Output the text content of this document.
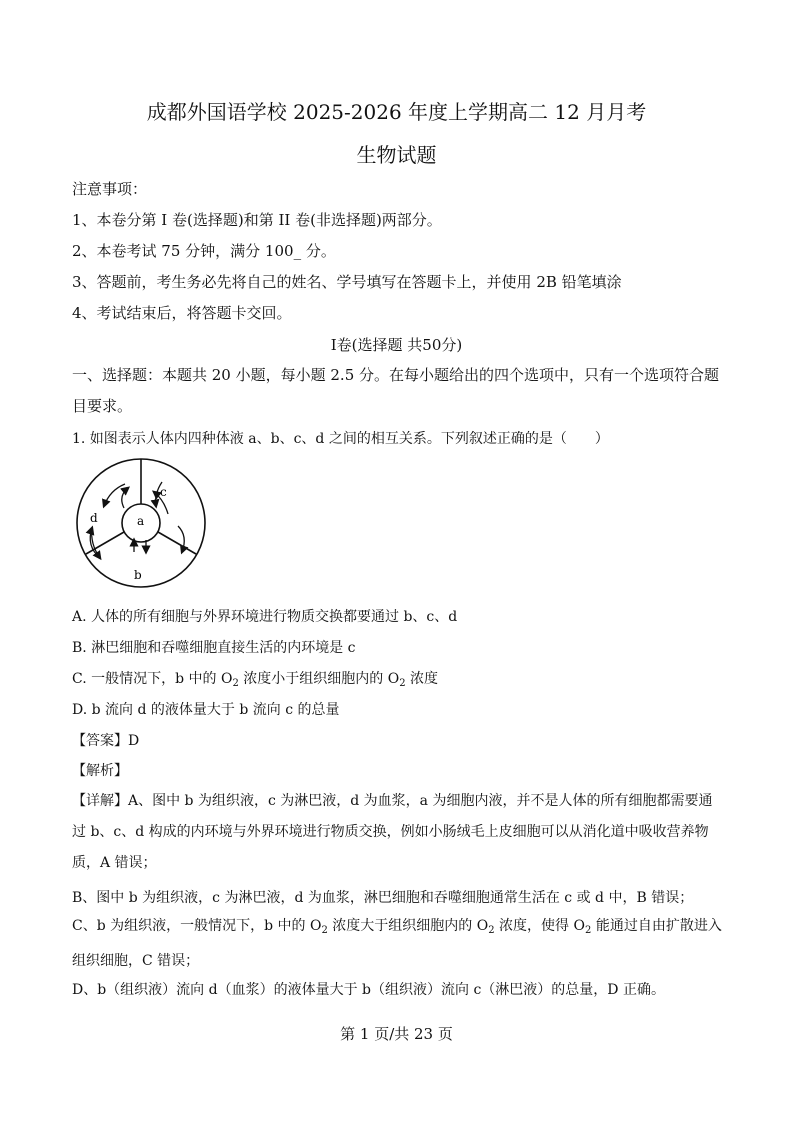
成都外国语学校 2025-2026 年度上学期高二 12 月月考
生物试题
注意事项：
1、本卷分第 I 卷(选择题)和第 II 卷(非选择题)两部分。
2、本卷考试 75 分钟，满分 100_ 分。
3、答题前，考生务必先将自己的姓名、学号填写在答题卡上，并使用 2B 铅笔填涂
4、考试结束后，将答题卡交回。
I卷(选择题 共50分)
一、选择题：本题共 20 小题，每小题 2.5 分。在每小题给出的四个选项中，只有一个选项符合题目要求。
1. 如图表示人体内四种体液 a、b、c、d 之间的相互关系。下列叙述正确的是（　　）
a
b
c
d
A. 人体的所有细胞与外界环境进行物质交换都要通过 b、c、d
B. 淋巴细胞和吞噬细胞直接生活的内环境是 c
C. 一般情况下，b 中的 $O_2$ 浓度小于组织细胞内的 $O_2$ 浓度
D. b 流向 d 的液体量大于 b 流向 c 的总量
【答案】D
【解析】
【详解】A、图中 b 为组织液，c 为淋巴液，d 为血浆，a 为细胞内液，并不是人体的所有细胞都需要通过 b、c、d 构成的内环境与外界环境进行物质交换，例如小肠绒毛上皮细胞可以从消化道中吸收营养物质，A 错误；
B、图中 b 为组织液，c 为淋巴液，d 为血浆，淋巴细胞和吞噬细胞通常生活在 c 或 d 中，B 错误；
C、b 为组织液，一般情况下，b 中的 $O_2$ 浓度大于组织细胞内的 $O_2$ 浓度，使得 $O_2$ 能通过自由扩散进入组织细胞，C 错误；
D、b（组织液）流向 d（血浆）的液体量大于 b（组织液）流向 c（淋巴液）的总量，D 正确。
第 1 页/共 23 页
